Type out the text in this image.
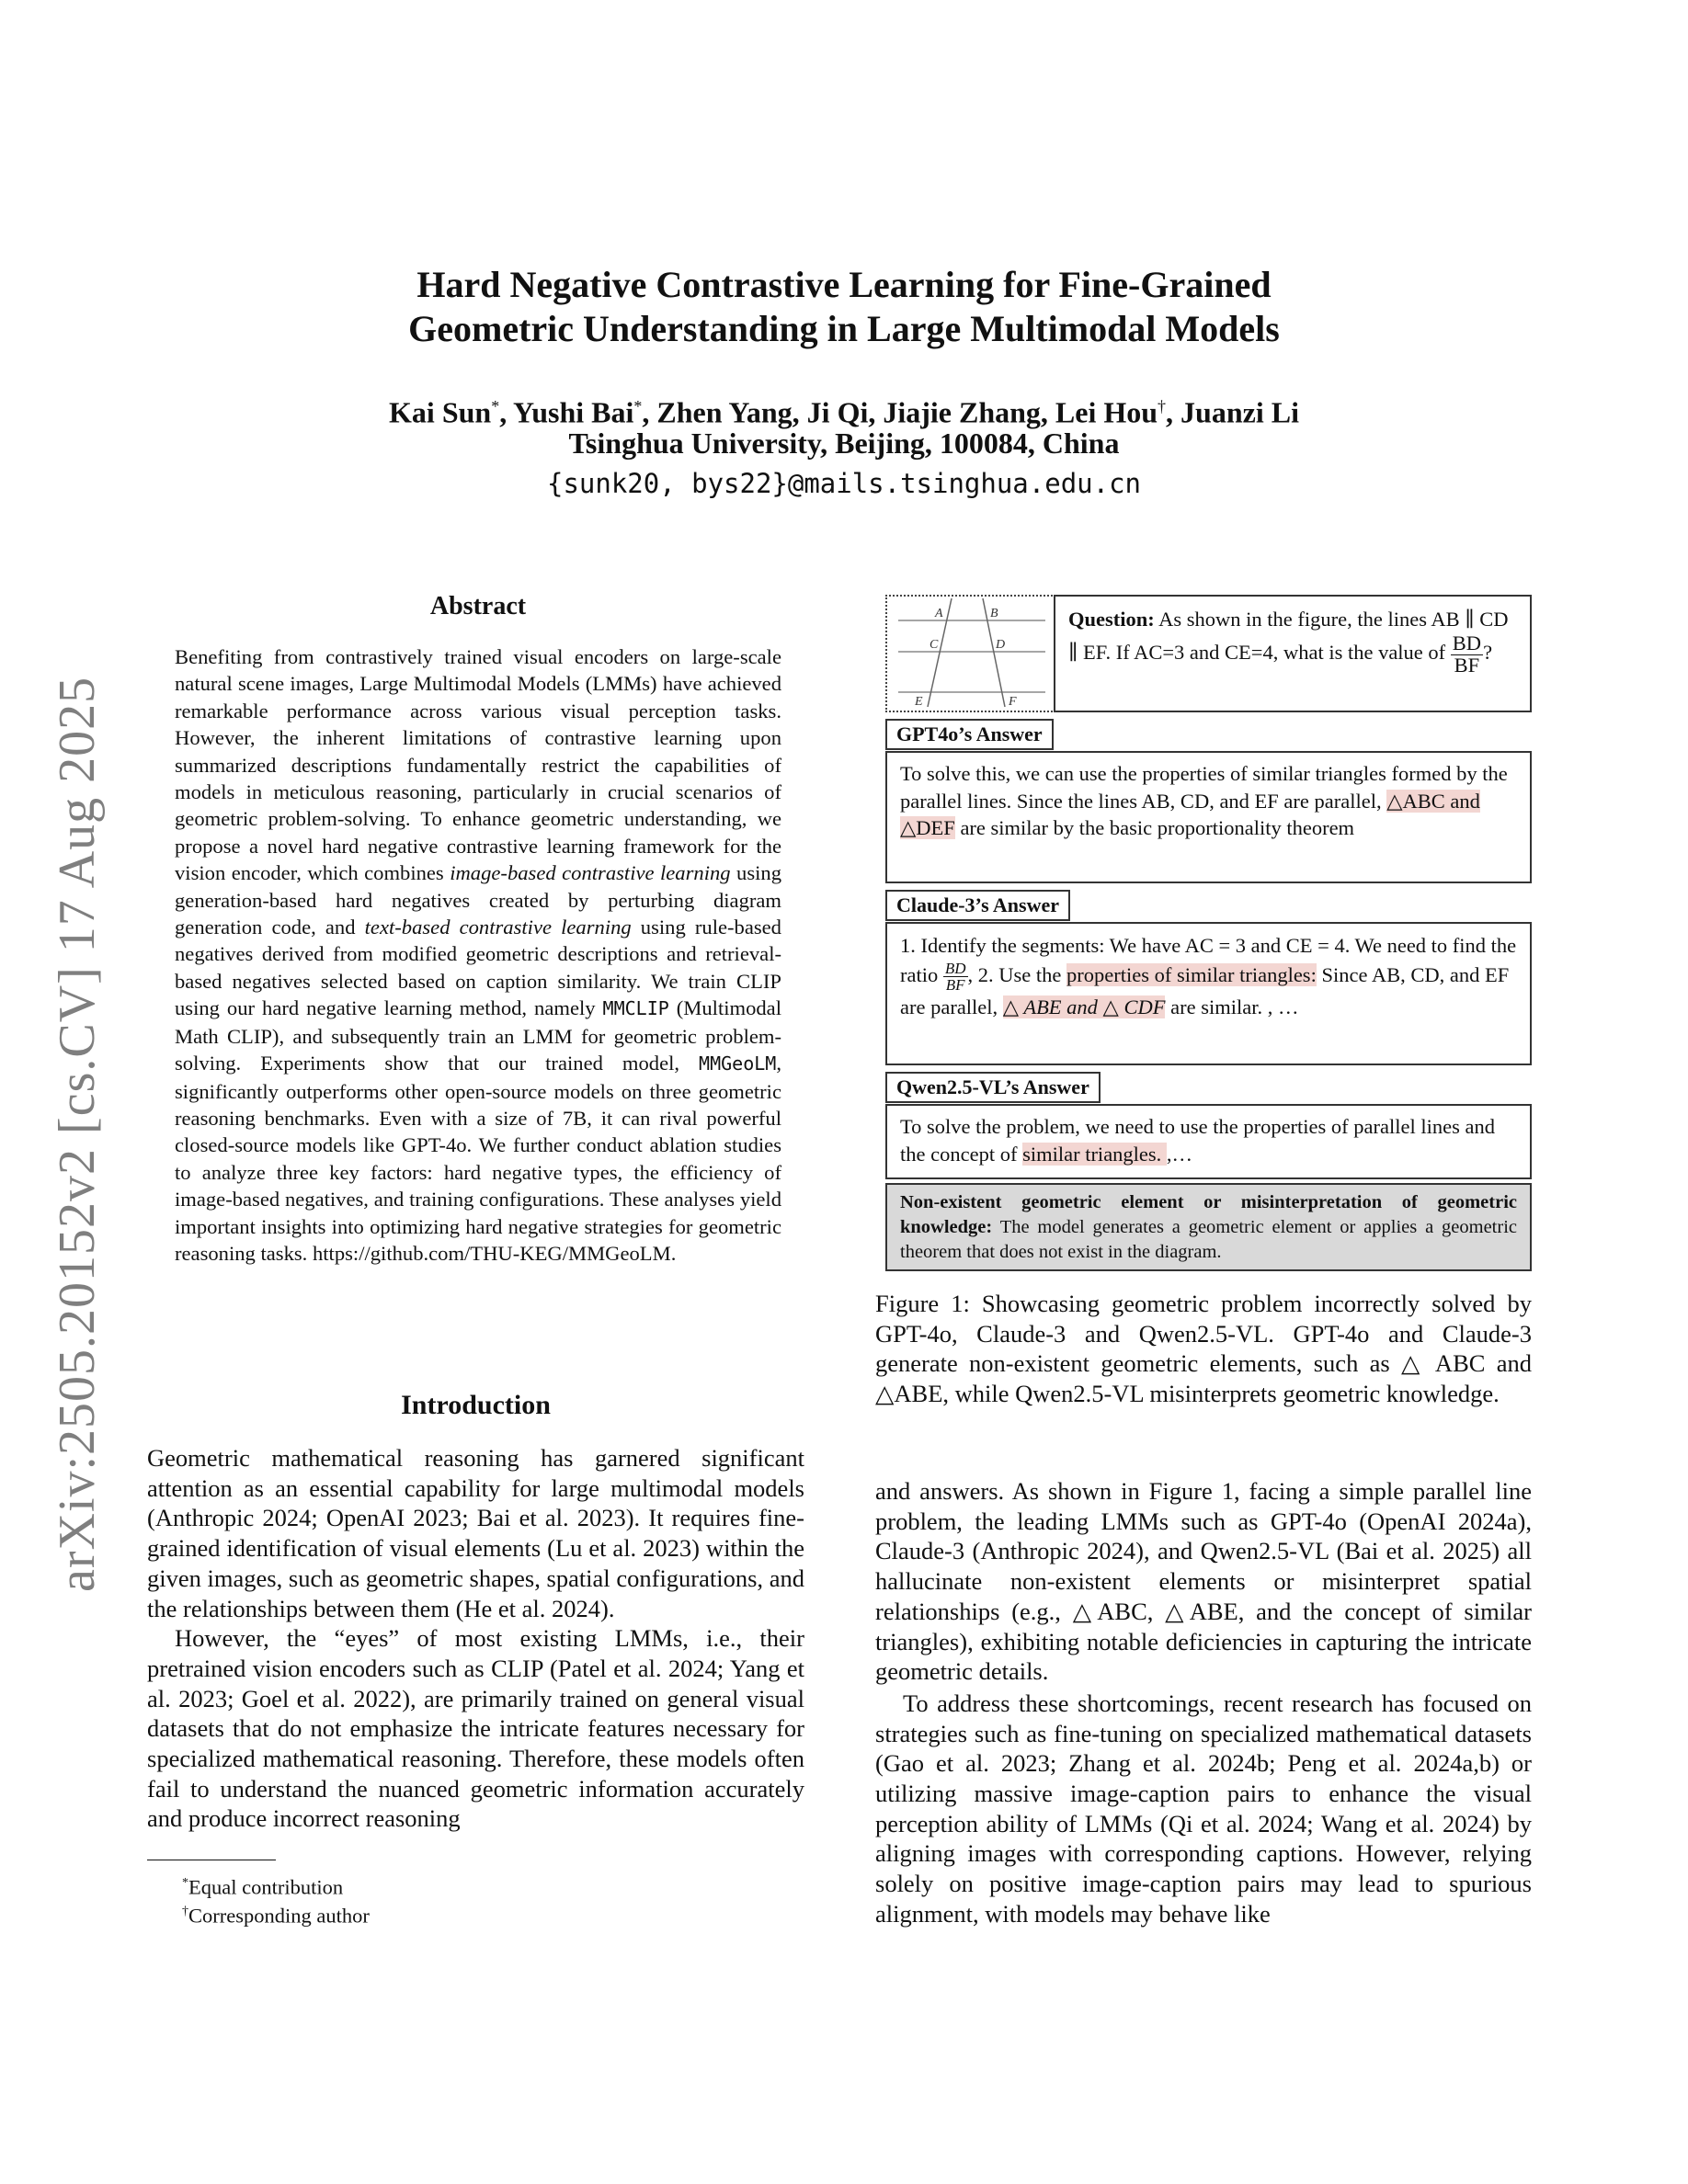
arXiv:2505.20152v2 [cs.CV] 17 Aug 2025
Hard Negative Contrastive Learning for Fine-Grained
Geometric Understanding in Large Multimodal Models
Kai Sun*, Yushi Bai*, Zhen Yang, Ji Qi, Jiajie Zhang, Lei Hou†, Juanzi Li
Tsinghua University, Beijing, 100084, China
{sunk20, bys22}@mails.tsinghua.edu.cn
Abstract
Benefiting from contrastively trained visual encoders on large-scale natural scene images, Large Multimodal Models (LMMs) have achieved remarkable performance across various visual perception tasks. However, the inherent limitations of contrastive learning upon summarized descriptions fundamentally restrict the capabilities of models in meticulous reasoning, particularly in crucial scenarios of geometric problem-solving. To enhance geometric understanding, we propose a novel hard negative contrastive learning framework for the vision encoder, which combines image-based contrastive learning using generation-based hard negatives created by perturbing diagram generation code, and text-based contrastive learning using rule-based negatives derived from modified geometric descriptions and retrieval-based negatives selected based on caption similarity. We train CLIP using our hard negative learning method, namely MMCLIP (Multimodal Math CLIP), and subsequently train an LMM for geometric problem-solving. Experiments show that our trained model, MMGeoLM, significantly outperforms other open-source models on three geometric reasoning benchmarks. Even with a size of 7B, it can rival powerful closed-source models like GPT-4o. We further conduct ablation studies to analyze three key factors: hard negative types, the efficiency of image-based negatives, and training configurations. These analyses yield important insights into optimizing hard negative strategies for geometric reasoning tasks. https://github.com/THU-KEG/MMGeoLM.
Introduction

Geometric mathematical reasoning has garnered significant attention as an essential capability for large multimodal models (Anthropic 2024; OpenAI 2023; Bai et al. 2023). It requires fine-grained identification of visual elements (Lu et al. 2023) within the given images, such as geometric shapes, spatial configurations, and the relationships between them (He et al. 2024).

However, the “eyes” of most existing LMMs, i.e., their pretrained vision encoders such as CLIP (Patel et al. 2024; Yang et al. 2023; Goel et al. 2022), are primarily trained on general visual datasets that do not emphasize the intricate features necessary for specialized mathematical reasoning. Therefore, these models often fail to understand the nuanced geometric information accurately and produce incorrect reasoning

*Equal contribution
†Corresponding author
A	B
C	D
E	F
Question: As shown in the figure, the lines AB ∥ CD ∥ EF. If AC=3 and CE=4, what is the value of $\frac{BD}{BF}$ ?
GPT4o’s Answer
To solve this, we can use the properties of similar triangles formed by the parallel lines. Since the lines AB, CD, and EF are parallel, △ABC and △DEF are similar by the basic proportionality theorem
Claude-3’s Answer
1. Identify the segments: We have AC = 3 and CE = 4. We need to find the ratio $\frac{BD}{BF}$ , 2. Use the properties of similar triangles: Since AB, CD, and EF are parallel, △ ABE and △ CDF are similar. , …
Qwen2.5-VL’s Answer
To solve the problem, we need to use the properties of parallel lines and the concept of similar triangles. ,…
Non-existent geometric element or misinterpretation of geometric knowledge: The model generates a geometric element or applies a geometric theorem that does not exist in the diagram.
Figure 1: Showcasing geometric problem incorrectly solved by GPT-4o, Claude-3 and Qwen2.5-VL. GPT-4o and Claude-3 generate non-existent geometric elements, such as △ ABC and △ABE, while Qwen2.5-VL misinterprets geometric knowledge.

and answers. As shown in Figure 1, facing a simple parallel line problem, the leading LMMs such as GPT-4o (OpenAI 2024a), Claude-3 (Anthropic 2024), and Qwen2.5-VL (Bai et al. 2025) all hallucinate non-existent elements or misinterpret spatial relationships (e.g., △ABC, △ABE, and the concept of similar triangles), exhibiting notable deficiencies in capturing the intricate geometric details.

To address these shortcomings, recent research has focused on strategies such as fine-tuning on specialized mathematical datasets (Gao et al. 2023; Zhang et al. 2024b; Peng et al. 2024a,b) or utilizing massive image-caption pairs to enhance the visual perception ability of LMMs (Qi et al. 2024; Wang et al. 2024) by aligning images with corresponding captions. However, relying solely on positive image-caption pairs may lead to spurious alignment, with models may behave like
